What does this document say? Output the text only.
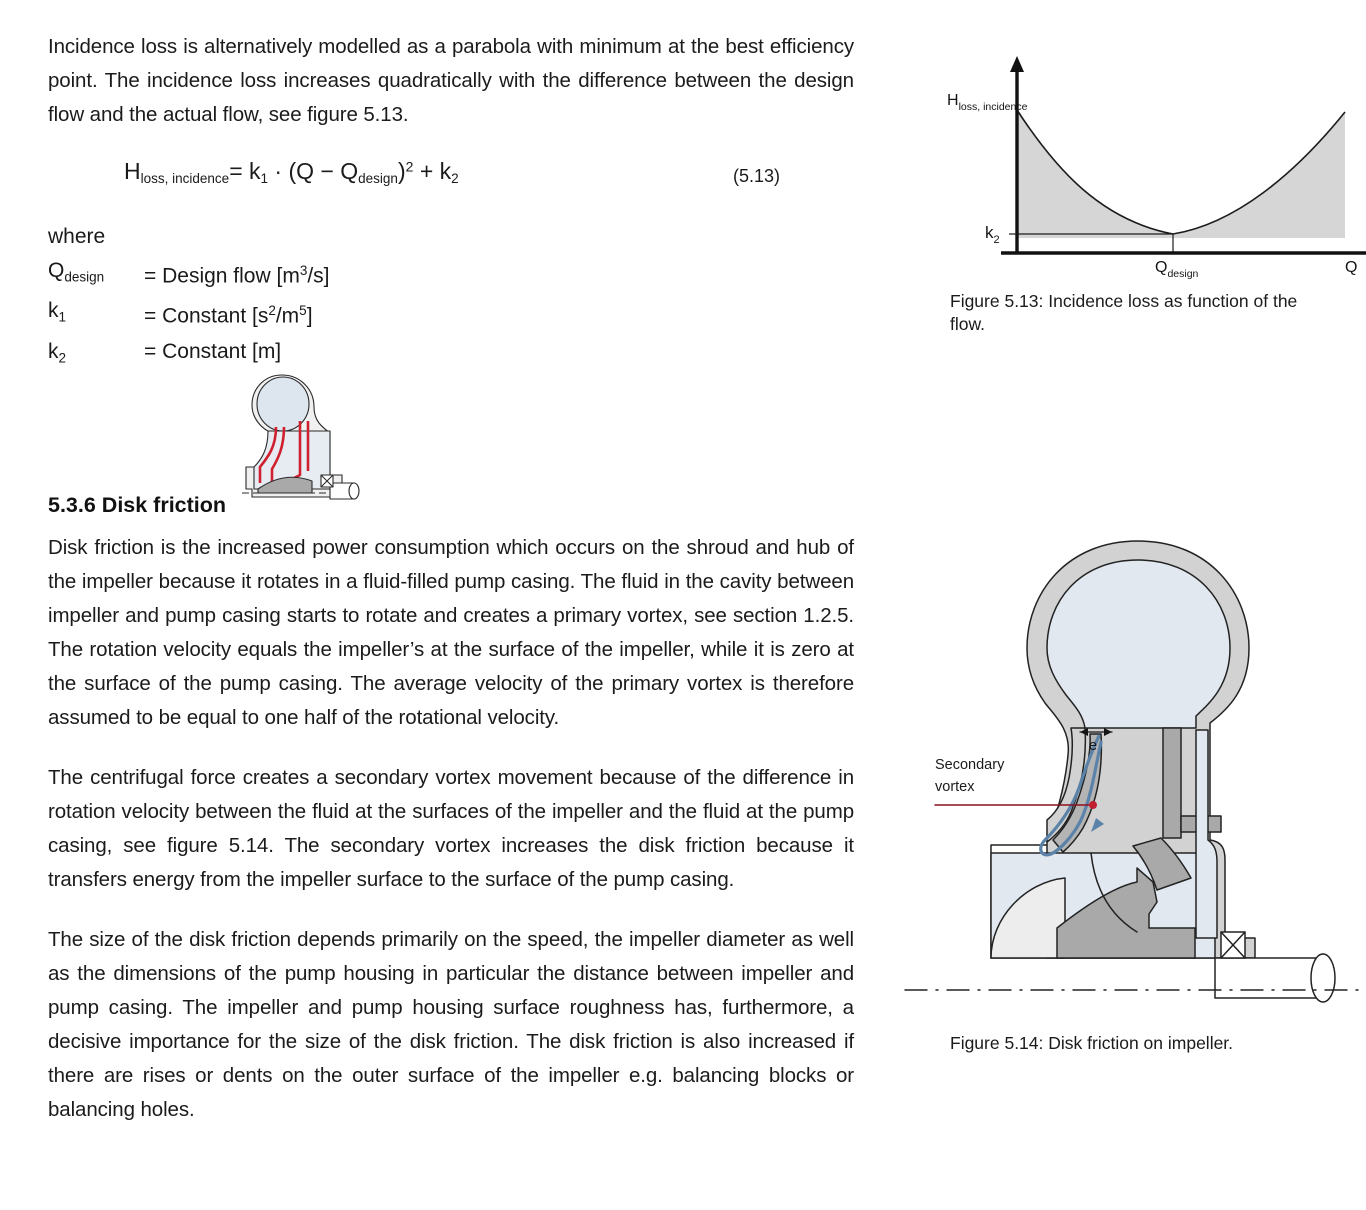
Incidence loss is alternatively modelled as a parabola with minimum at the best efficiency point. The incidence loss increases quadratically with the difference between the design flow and the actual flow, see figure 5.13.

$H_{loss, incidence}= k_1 \cdot (Q - Q_{design})^2 + k_2$	(5.13)
where
$Q_{design}$	= Design flow $[m^3/s]$
$k_1$	= Constant $[s^2/m^5]$
$k_2$	= Constant [m]
5.3.6 Disk friction

Disk friction is the increased power consumption which occurs on the shroud and hub of the impeller because it rotates in a fluid-filled pump casing. The fluid in the cavity between impeller and pump casing starts to rotate and creates a primary vortex, see section 1.2.5. The rotation velocity equals the impeller’s at the surface of the impeller, while it is zero at the surface of the pump casing. The average velocity of the primary vortex is therefore assumed to be equal to one half of the rotational velocity.

The centrifugal force creates a secondary vortex movement because of the difference in rotation velocity between the fluid at the surfaces of the impeller and the fluid at the pump casing, see figure 5.14. The secondary vortex increases the disk friction because it transfers energy from the impeller surface to the surface of the pump casing.

The size of the disk friction depends primarily on the speed, the impeller diameter as well as the dimensions of the pump housing in particular the distance between impeller and pump casing. The impeller and pump housing surface roughness has, furthermore, a decisive importance for the size of the disk friction. The disk friction is also increased if there are rises or dents on the outer surface of the impeller e.g. balancing blocks or balancing holes.

$H_{loss, incidence}$
$k_2$
$Q_{design}$	Q
Figure 5.13: Incidence loss as function of the flow.
e
Secondary
vortex
Figure 5.14: Disk friction on impeller.
